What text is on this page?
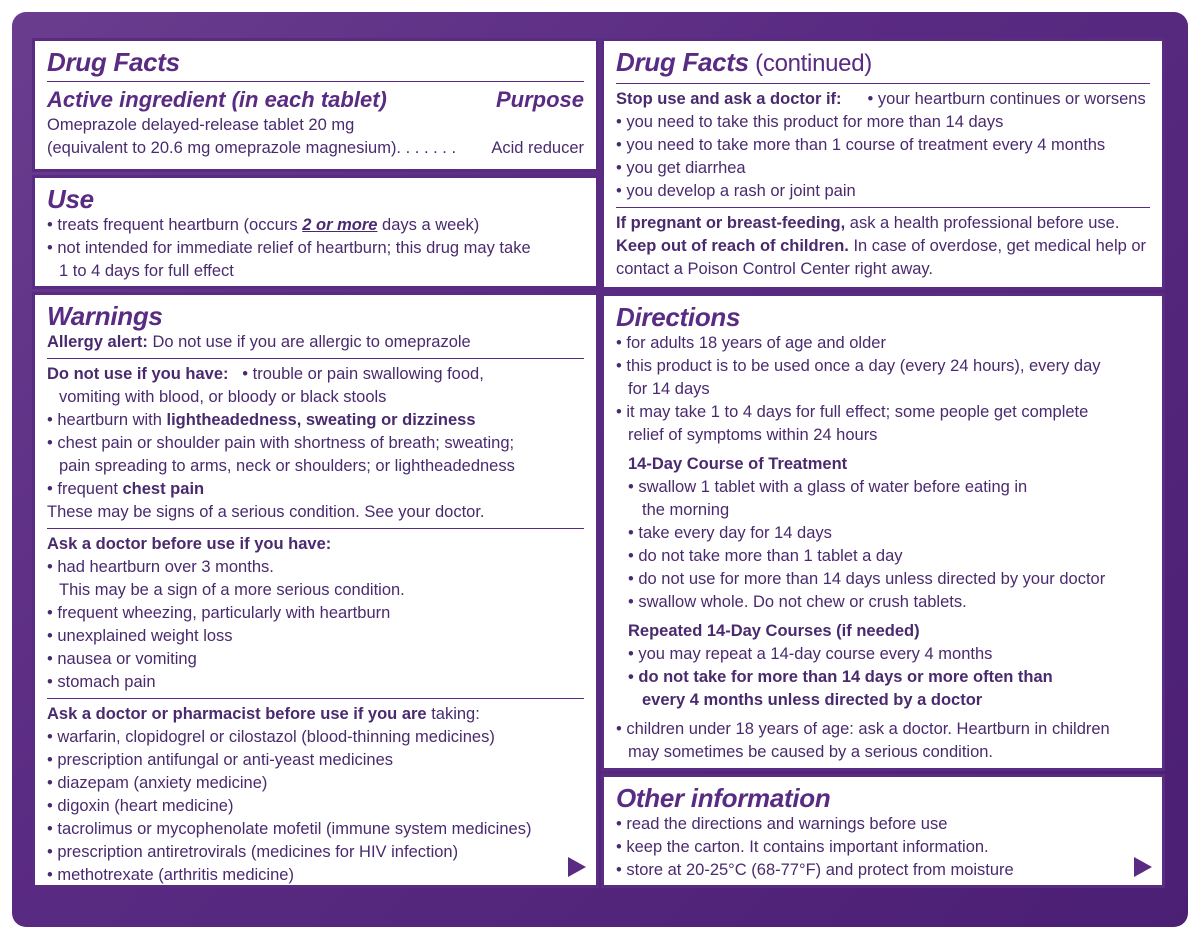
Drug Facts
Active ingredient (in each tablet)	Purpose
Omeprazole delayed-release tablet 20 mg
(equivalent to 20.6 mg omeprazole magnesium). . . . . . . Acid reducer
Use
• treats frequent heartburn (occurs 2 or more days a week)
• not intended for immediate relief of heartburn; this drug may take
1 to 4 days for full effect
Warnings
Allergy alert: Do not use if you are allergic to omeprazole
Do not use if you have:   • trouble or pain swallowing food,
vomiting with blood, or bloody or black stools
• heartburn with lightheadedness, sweating or dizziness
• chest pain or shoulder pain with shortness of breath; sweating;
pain spreading to arms, neck or shoulders; or lightheadedness
• frequent chest pain
These may be signs of a serious condition. See your doctor.
Ask a doctor before use if you have:
• had heartburn over 3 months.
This may be a sign of a more serious condition.
• frequent wheezing, particularly with heartburn
• unexplained weight loss
• nausea or vomiting
• stomach pain
Ask a doctor or pharmacist before use if you are taking:
• warfarin, clopidogrel or cilostazol (blood-thinning medicines)
• prescription antifungal or anti-yeast medicines
• diazepam (anxiety medicine)
• digoxin (heart medicine)
• tacrolimus or mycophenolate mofetil (immune system medicines)
• prescription antiretrovirals (medicines for HIV infection)
• methotrexate (arthritis medicine)
Drug Facts (continued)
Stop use and ask a doctor if: • your heartburn continues or worsens
• you need to take this product for more than 14 days
• you need to take more than 1 course of treatment every 4 months
• you get diarrhea
• you develop a rash or joint pain
If pregnant or breast-feeding, ask a health professional before use.
Keep out of reach of children. In case of overdose, get medical help or
contact a Poison Control Center right away.
Directions
• for adults 18 years of age and older
• this product is to be used once a day (every 24 hours), every day
for 14 days
• it may take 1 to 4 days for full effect; some people get complete
relief of symptoms within 24 hours
14-Day Course of Treatment
• swallow 1 tablet with a glass of water before eating in
the morning
• take every day for 14 days
• do not take more than 1 tablet a day
• do not use for more than 14 days unless directed by your doctor
• swallow whole. Do not chew or crush tablets.
Repeated 14-Day Courses (if needed)
• you may repeat a 14-day course every 4 months
• do not take for more than 14 days or more often than
every 4 months unless directed by a doctor
• children under 18 years of age: ask a doctor. Heartburn in children
may sometimes be caused by a serious condition.
Other information
• read the directions and warnings before use
• keep the carton. It contains important information.
• store at 20-25°C (68-77°F) and protect from moisture
